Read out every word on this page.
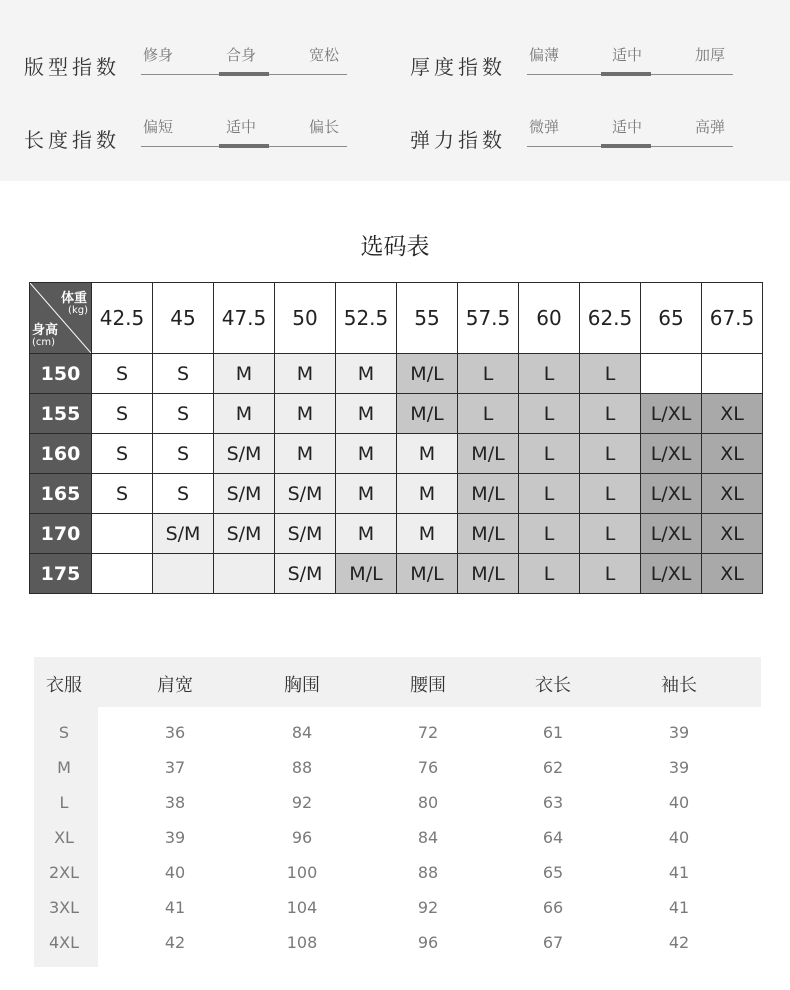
版型指数 修身	合身	宽松	厚度指数 偏薄	适中	加厚
长度指数
偏短	适中	偏长
弹力指数
微弹	适中	高弹
选码表
体重
(kg)
身高
(cm)	42.5	45	47.5	50	52.5	55	57.5	60	62.5	65	67.5
150	S	S	M	M	M	M/L	L	L	L		
155	S	S	M	M	M	M/L	L	L	L	L/XL	XL
160	S	S	S/M	M	M	M	M/L	L	L	L/XL	XL
165	S	S	S/M	S/M	M	M	M/L	L	L	L/XL	XL
170		S/M	S/M	S/M	M	M	M/L	L	L	L/XL	XL
175				S/M	M/L	M/L	M/L	L	L	L/XL	XL
衣服	肩宽	胸围	腰围	衣长	袖长
S	36	84	72	61	39
M	37	88	76	62	39
L	38	92	80	63	40
XL	39	96	84	64	40
2XL	40	100	88	65	41
3XL	41	104	92	66	41
4XL	42	108	96	67	42
